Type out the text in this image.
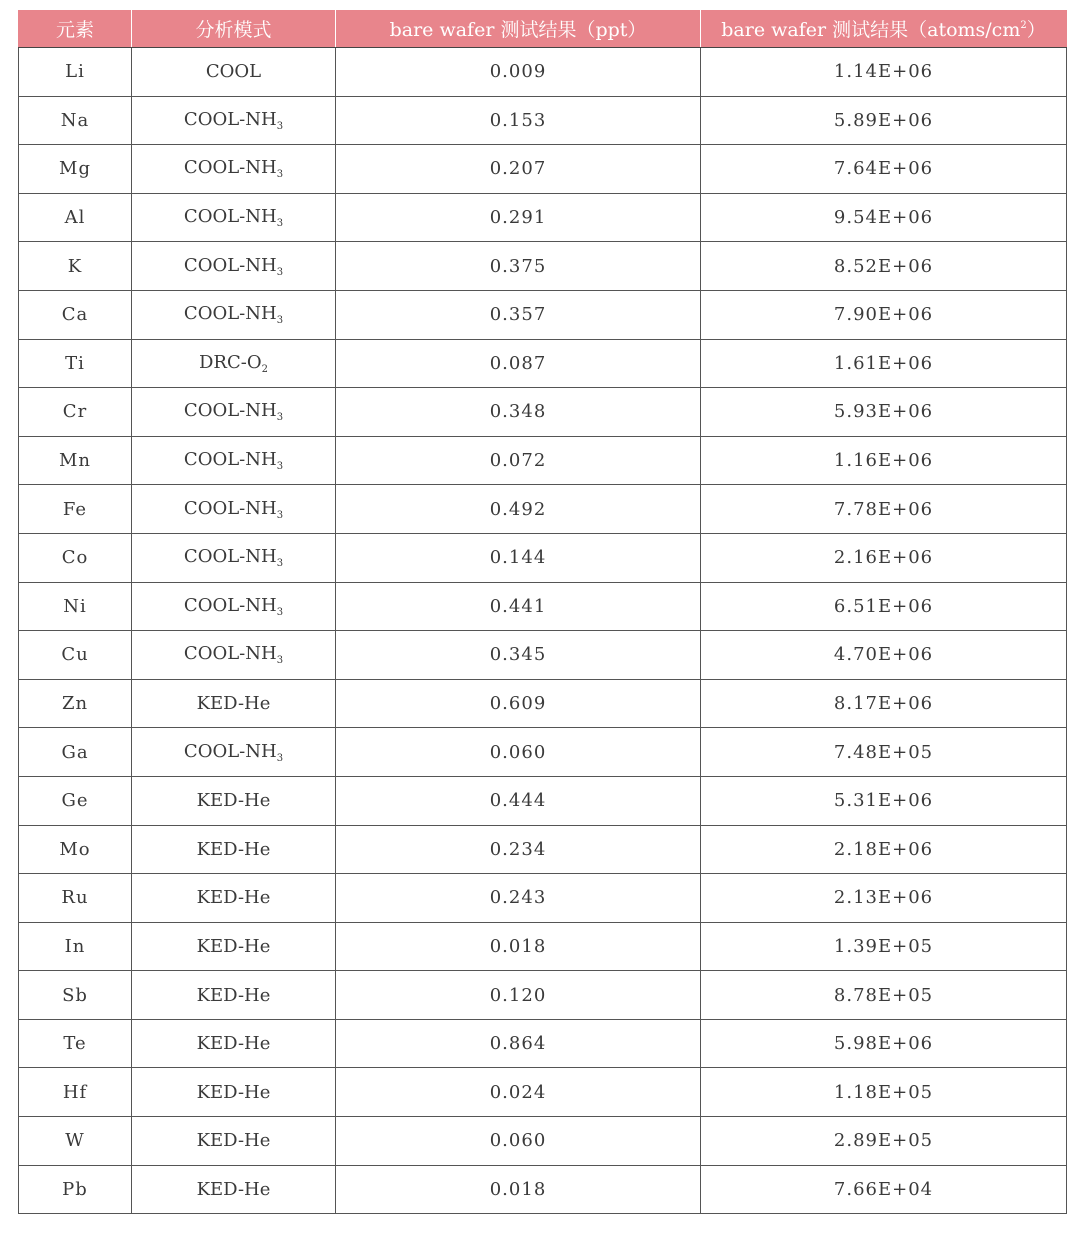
元素	分析模式	bare wafer 测试结果（ppt）	bare wafer 测试结果$(atoms/cm^2)$
Li	COOL	0.009	1.14E+06
Na	COOL-$NH_3$	0.153	5.89E+06
Mg	COOL-$NH_3$	0.207	7.64E+06
Al	COOL-$NH_3$	0.291	9.54E+06
K	COOL-$NH_3$	0.375	8.52E+06
Ca	COOL-$NH_3$	0.357	7.90E+06
Ti	DRC-$O_2$	0.087	1.61E+06
Cr	COOL-$NH_3$	0.348	5.93E+06
Mn	COOL-$NH_3$	0.072	1.16E+06
Fe	COOL-$NH_3$	0.492	7.78E+06
Co	COOL-$NH_3$	0.144	2.16E+06
Ni	COOL-$NH_3$	0.441	6.51E+06
Cu	COOL-$NH_3$	0.345	4.70E+06
Zn	KED-He	0.609	8.17E+06
Ga	COOL-$NH_3$	0.060	7.48E+05
Ge	KED-He	0.444	5.31E+06
Mo	KED-He	0.234	2.18E+06
Ru	KED-He	0.243	2.13E+06
In	KED-He	0.018	1.39E+05
Sb	KED-He	0.120	8.78E+05
Te	KED-He	0.864	5.98E+06
Hf	KED-He	0.024	1.18E+05
W	KED-He	0.060	2.89E+05
Pb	KED-He	0.018	7.66E+04
